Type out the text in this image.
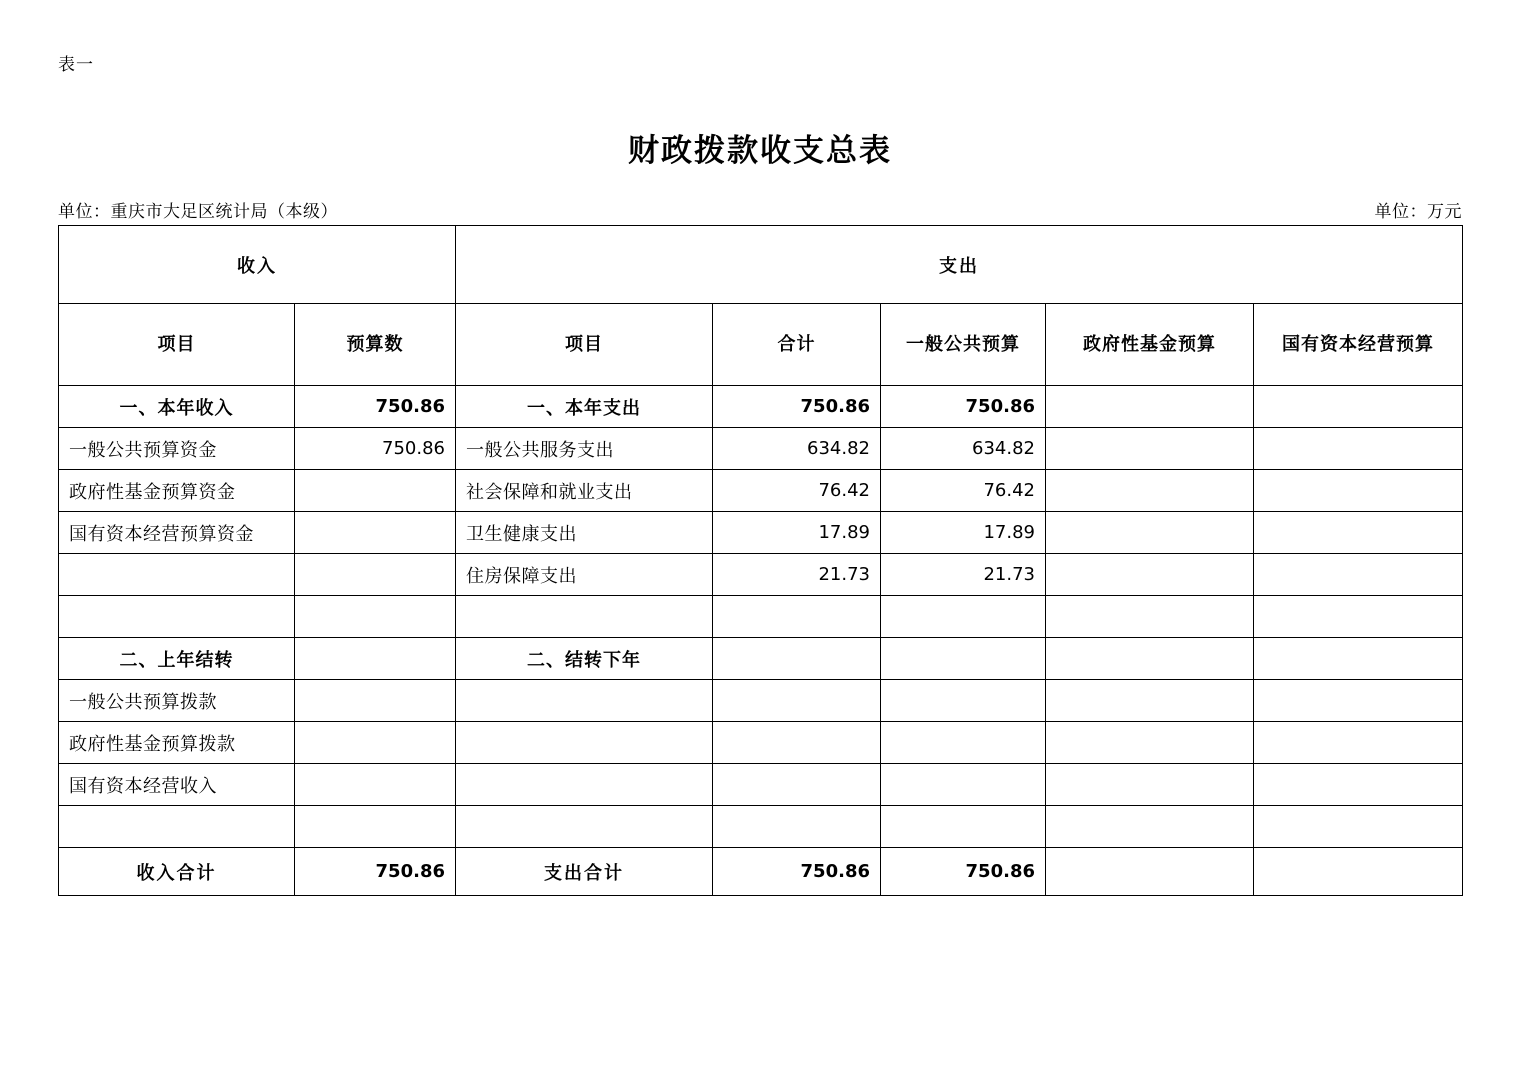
表一
财政拨款收支总表
单位：重庆市大足区统计局（本级）	单位：万元
收入		支出				
项目	预算数	项目	合计	一般公共预算	政府性基金预算	国有资本经营预算
一、本年收入	750.86	一、本年支出	750.86	750.86		
一般公共预算资金	750.86	一般公共服务支出	634.82	634.82		
政府性基金预算资金		社会保障和就业支出	76.42	76.42		
国有资本经营预算资金		卫生健康支出	17.89	17.89		
		住房保障支出	21.73	21.73		

二、上年结转		二、结转下年				
一般公共预算拨款						
政府性基金预算拨款						
国有资本经营收入						

收入合计	750.86	支出合计	750.86	750.86		
